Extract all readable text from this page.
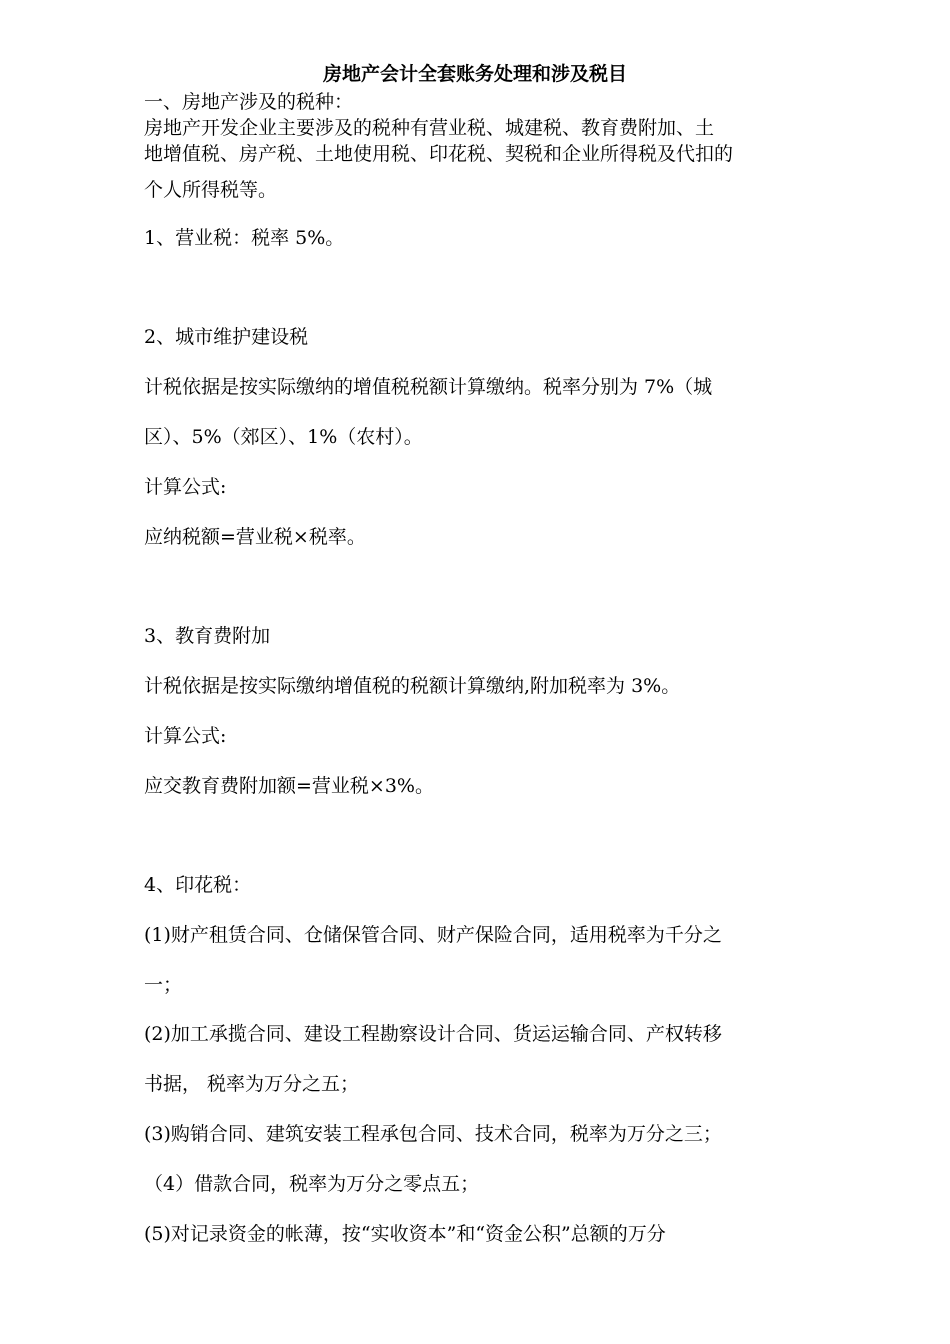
房地产会计全套账务处理和涉及税目
一、房地产涉及的税种：
房地产开发企业主要涉及的税种有营业税、城建税、教育费附加、土
地增值税、房产税、土地使用税、印花税、契税和企业所得税及代扣的
个人所得税等。
1、营业税：税率 5%。
2、城市维护建设税
计税依据是按实际缴纳的增值税税额计算缴纳。税率分别为 7%（城
区）、5%（郊区）、1%（农村）。
计算公式:
应纳税额=营业税×税率。
3、教育费附加
计税依据是按实际缴纳增值税的税额计算缴纳,附加税率为 3%。
计算公式:
应交教育费附加额=营业税×3%。
4、印花税：
(1)财产租赁合同、仓储保管合同、财产保险合同，适用税率为千分之
一；
(2)加工承揽合同、建设工程勘察设计合同、货运运输合同、产权转移
书据， 税率为万分之五；
(3)购销合同、建筑安装工程承包合同、技术合同，税率为万分之三；
（4）借款合同，税率为万分之零点五；
(5)对记录资金的帐薄，按“实收资本”和“资金公积”总额的万分
